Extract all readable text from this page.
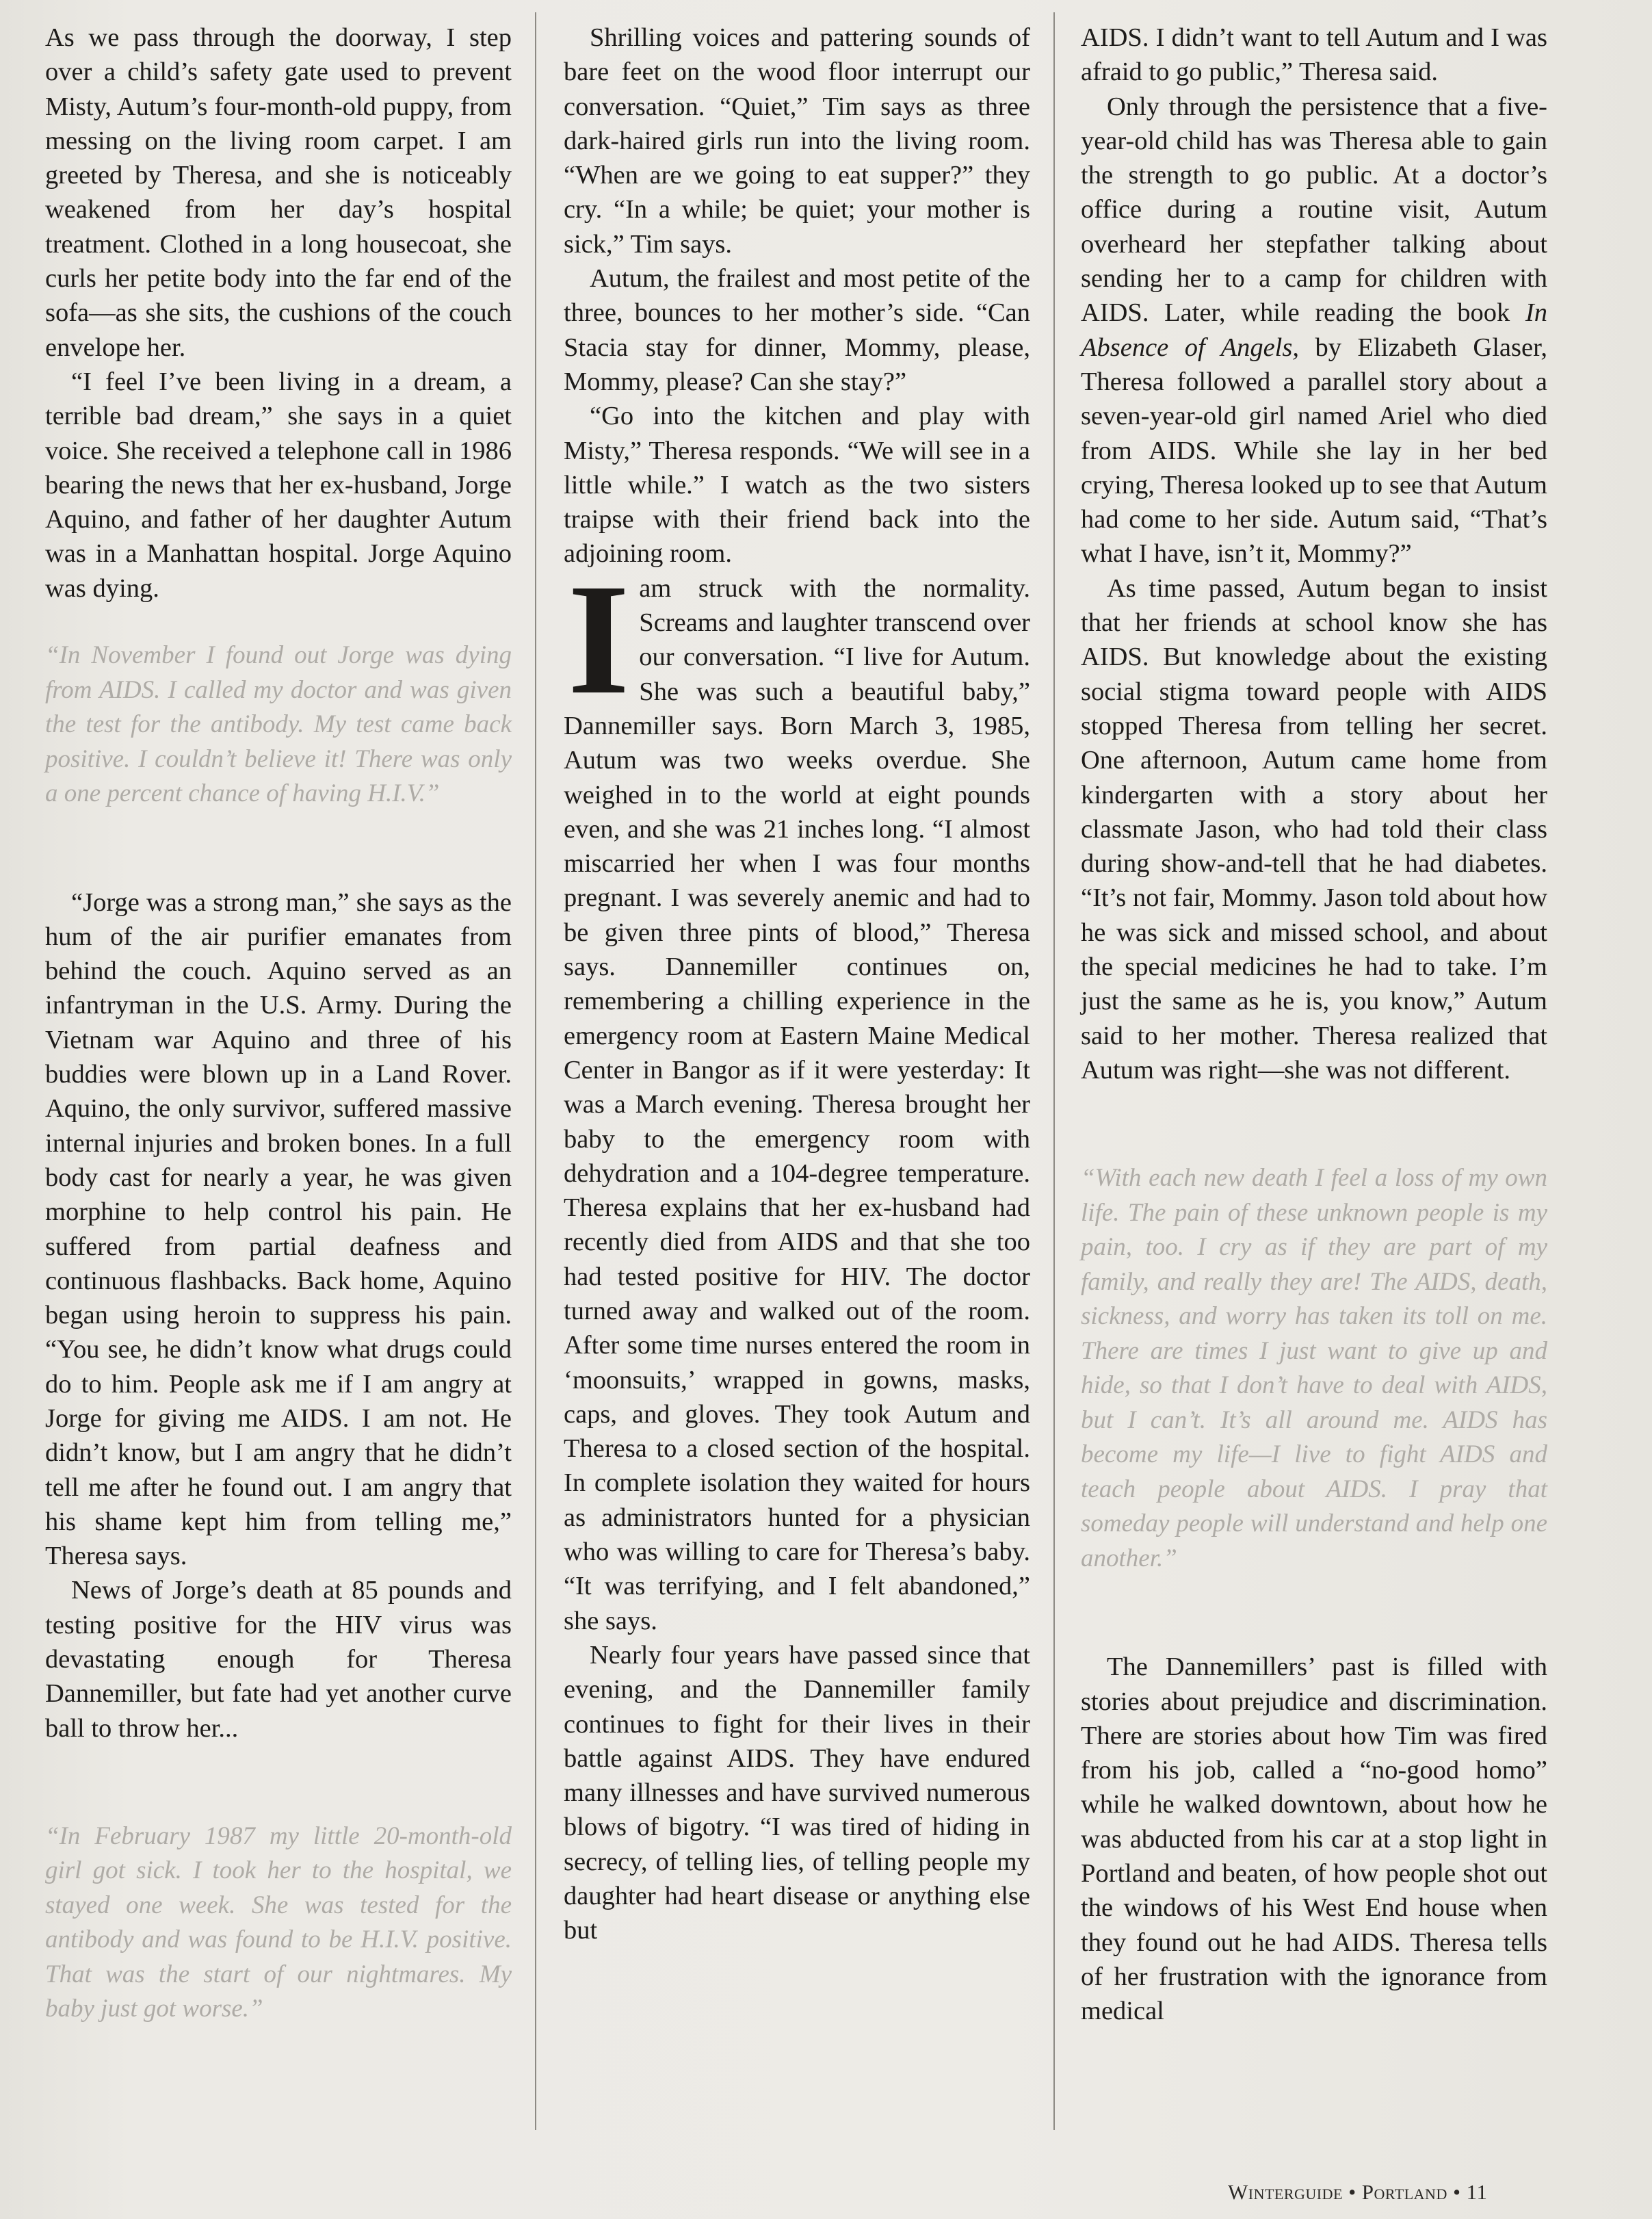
As we pass through the doorway, I step over a child’s safety gate used to prevent Misty, Autum’s four-month-old puppy, from messing on the living room carpet. I am greeted by Theresa, and she is noticeably weakened from her day’s hospital treatment. Clothed in a long housecoat, she curls her petite body into the far end of the sofa—as she sits, the cushions of the couch envelope her.

“I feel I’ve been living in a dream, a terrible bad dream,” she says in a quiet voice. She received a telephone call in 1986 bearing the news that her ex-husband, Jorge Aquino, and father of her daughter Autum was in a Manhattan hospital. Jorge Aquino was dying.

“In November I found out Jorge was dying from AIDS. I called my doctor and was given the test for the antibody. My test came back positive. I couldn’t believe it! There was only a one percent chance of having H.I.V.”

“Jorge was a strong man,” she says as the hum of the air purifier emanates from behind the couch. Aquino served as an infantryman in the U.S. Army. During the Vietnam war Aquino and three of his buddies were blown up in a Land Rover. Aquino, the only survivor, suffered massive internal injuries and broken bones. In a full body cast for nearly a year, he was given morphine to help control his pain. He suffered from partial deafness and continuous flashbacks. Back home, Aquino began using heroin to suppress his pain. “You see, he didn’t know what drugs could do to him. People ask me if I am angry at Jorge for giving me AIDS. I am not. He didn’t know, but I am angry that he didn’t tell me after he found out. I am angry that his shame kept him from telling me,” Theresa says.

News of Jorge’s death at 85 pounds and testing positive for the HIV virus was devastating enough for Theresa Dannemiller, but fate had yet another curve ball to throw her...

“In February 1987 my little 20-month-old girl got sick. I took her to the hospital, we stayed one week. She was tested for the antibody and was found to be H.I.V. positive. That was the start of our nightmares. My baby just got worse.”

Shrilling voices and pattering sounds of bare feet on the wood floor interrupt our conversation. “Quiet,” Tim says as three dark-haired girls run into the living room. “When are we going to eat supper?” they cry. “In a while; be quiet; your mother is sick,” Tim says.

Autum, the frailest and most petite of the three, bounces to her mother’s side. “Can Stacia stay for dinner, Mommy, please, Mommy, please? Can she stay?”

“Go into the kitchen and play with Misty,” Theresa responds. “We will see in a little while.” I watch as the two sisters traipse with their friend back into the adjoining room.

I am struck with the normality. Screams and laughter transcend over our conversation. “I live for Autum. She was such a beautiful baby,” Dannemiller says. Born March 3, 1985, Autum was two weeks overdue. She weighed in to the world at eight pounds even, and she was 21 inches long. “I almost miscarried her when I was four months pregnant. I was severely anemic and had to be given three pints of blood,” Theresa says. Dannemiller continues on, remembering a chilling experience in the emergency room at Eastern Maine Medical Center in Bangor as if it were yesterday: It was a March evening. Theresa brought her baby to the emergency room with dehydration and a 104-degree temperature. Theresa explains that her ex-husband had recently died from AIDS and that she too had tested positive for HIV. The doctor turned away and walked out of the room. After some time nurses entered the room in ‘moonsuits,’ wrapped in gowns, masks, caps, and gloves. They took Autum and Theresa to a closed section of the hospital. In complete isolation they waited for hours as administrators hunted for a physician who was willing to care for Theresa’s baby. “It was terrifying, and I felt abandoned,” she says.

Nearly four years have passed since that evening, and the Dannemiller family continues to fight for their lives in their battle against AIDS. They have endured many illnesses and have survived numerous blows of bigotry. “I was tired of hiding in secrecy, of telling lies, of telling people my daughter had heart disease or anything else but

AIDS. I didn’t want to tell Autum and I was afraid to go public,” Theresa said.

Only through the persistence that a five-year-old child has was Theresa able to gain the strength to go public. At a doctor’s office during a routine visit, Autum overheard her stepfather talking about sending her to a camp for children with AIDS. Later, while reading the book In Absence of Angels, by Elizabeth Glaser, Theresa followed a parallel story about a seven-year-old girl named Ariel who died from AIDS. While she lay in her bed crying, Theresa looked up to see that Autum had come to her side. Autum said, “That’s what I have, isn’t it, Mommy?”

As time passed, Autum began to insist that her friends at school know she has AIDS. But knowledge about the existing social stigma toward people with AIDS stopped Theresa from telling her secret. One afternoon, Autum came home from kindergarten with a story about her classmate Jason, who had told their class during show-and-tell that he had diabetes. “It’s not fair, Mommy. Jason told about how he was sick and missed school, and about the special medicines he had to take. I’m just the same as he is, you know,” Autum said to her mother. Theresa realized that Autum was right—she was not different.

“With each new death I feel a loss of my own life. The pain of these unknown people is my pain, too. I cry as if they are part of my family, and really they are! The AIDS, death, sickness, and worry has taken its toll on me. There are times I just want to give up and hide, so that I don’t have to deal with AIDS, but I can’t. It’s all around me. AIDS has become my life—I live to fight AIDS and teach people about AIDS. I pray that someday people will understand and help one another.”

The Dannemillers’ past is filled with stories about prejudice and discrimination. There are stories about how Tim was fired from his job, called a “no-good homo” while he walked downtown, about how he was abducted from his car at a stop light in Portland and beaten, of how people shot out the windows of his West End house when they found out he had AIDS. Theresa tells of her frustration with the ignorance from medical

Winterguide • Portland • 11
